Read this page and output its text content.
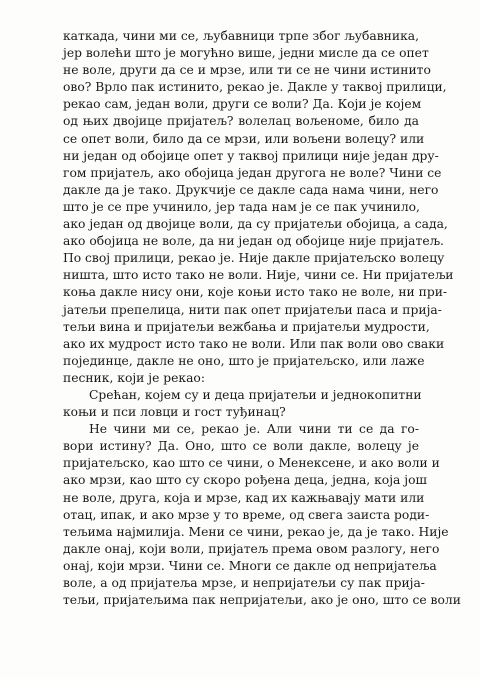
каткада, чини ми се, љубавници трпе због љубавника,
јер волећи што је могућно више, једни мисле да се опет
не воле, други да се и мрзе, или ти се не чини истинито
ово? Врло пак истинито, рекао је. Дакле у таквој прилици,
рекао сам, један воли, други се воли? Да. Који је којем
од њих двојице пријатељ? волелац вољеноме, било да
се опет воли, било да се мрзи, или вољени волецу? или
ни један од обојице опет у таквој прилици није један дру-
гом пријатељ, ако обојица један другога не воле? Чини се
дакле да је тако. Друкчије се дакле сада нама чини, него
што је се пре учинило, јер тада нам је се пак учинило,
ако један од двојице воли, да су пријатељи обојица, а сада,
ако обојица не воле, да ни један од обојице није пријатељ.
По свој прилици, рекао је. Није дакле пријатељско волецу
ништа, што исто тако не воли. Није, чини се. Ни пријатељи
коња дакле нису они, које коњи исто тако не воле, ни при-
јатељи препелица, нити пак опет пријатељи паса и прија-
тељи вина и пријатељи вежбања и пријатељи мудрости,
ако их мудрост исто тако не воли. Или пак воли ово сваки
појединце, дакле не оно, што је пријатељско, или лаже
песник, који је рекао:
Срећан, којем су и деца пријатељи и једнокопитни
коњи и пси ловци и гост туђинац?
Не чини ми се, рекао је. Али чини ти се да го-
вори истину? Да. Оно, што се воли дакле, волецу је
пријатељско, као што се чини, о Менексене, и ако воли и
ако мрзи, као што су скоро рођена деца, једна, која још
не воле, друга, која и мрзе, кад их кажњавају мати или
отац, ипак, и ако мрзе у то време, од свега заиста роди-
тељима најмилија. Мени се чини, рекао је, да је тако. Није
дакле онај, који воли, пријатељ према овом разлогу, него
онај, који мрзи. Чини се. Многи се дакле од непријатеља
воле, а од пријатеља мрзе, и непријатељи су пак прија-
тељи, пријатељима пак непријатељи, ако је оно, што се воли
